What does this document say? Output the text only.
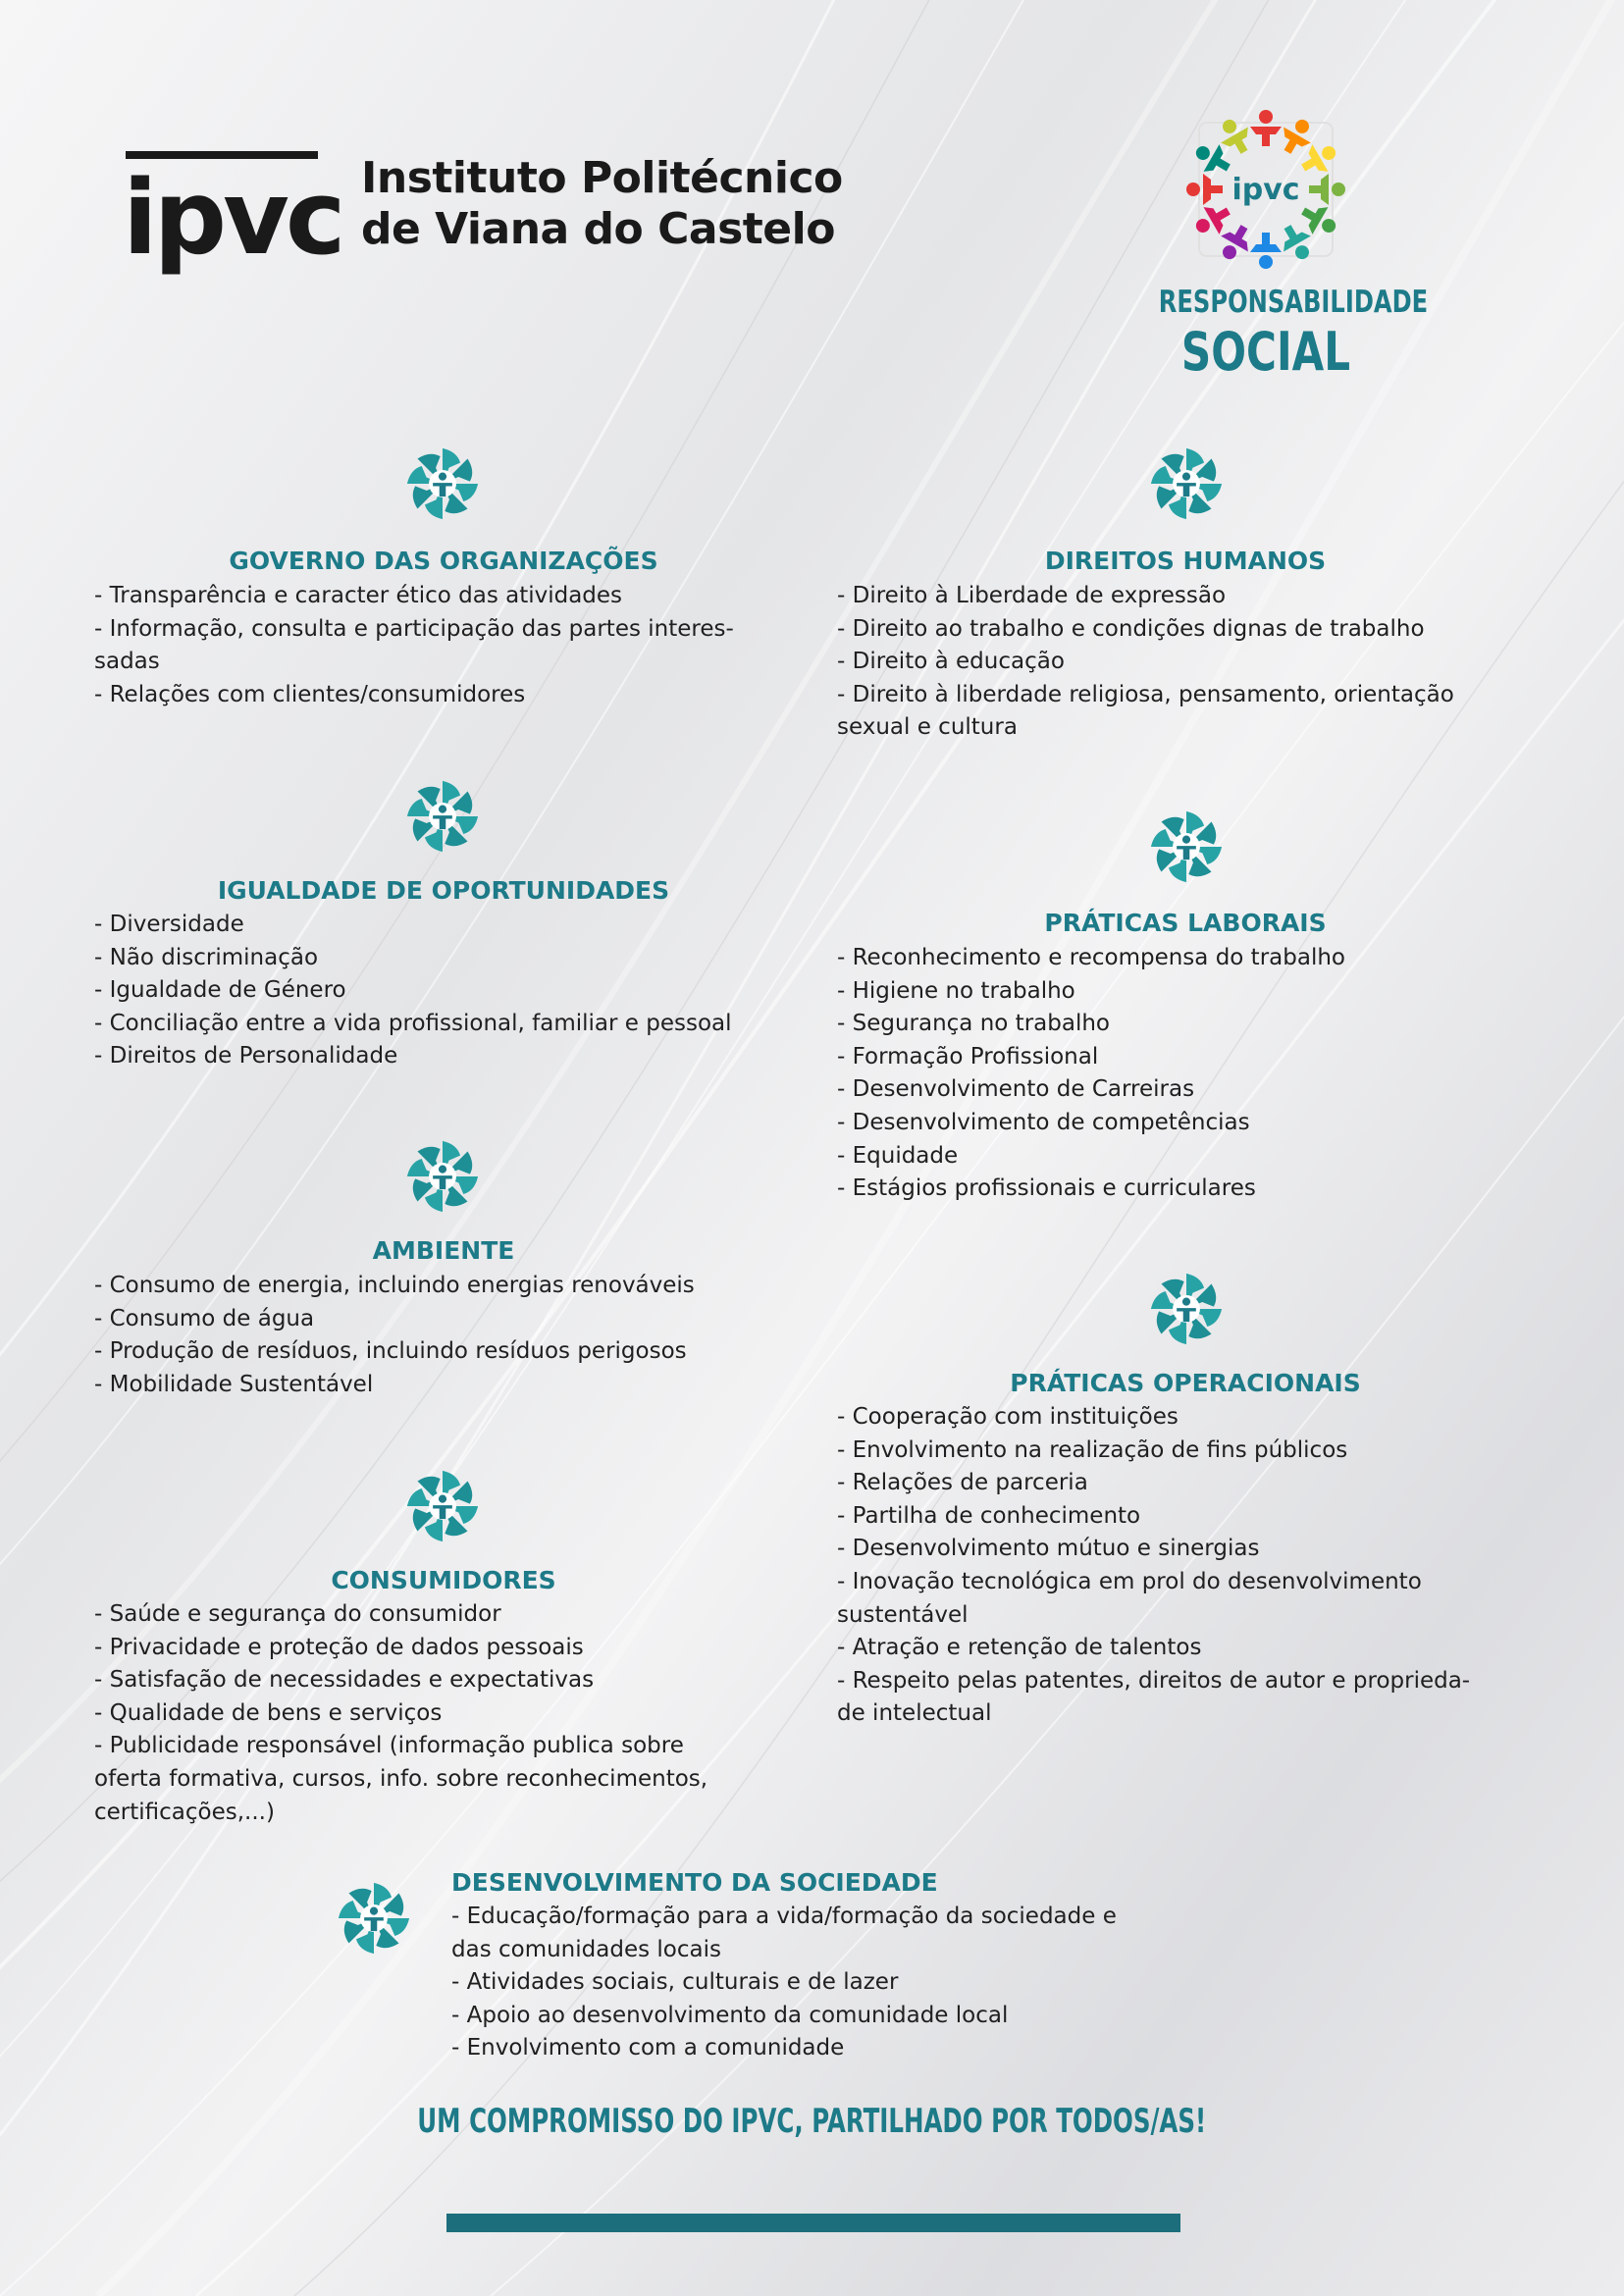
ipvc Instituto Politécnico
de Viana do Castelo
ipvc
RESPONSABILIDADE
SOCIAL
GOVERNO DAS ORGANIZAÇÕES
- Transparência e caracter ético das atividades
- Informação, consulta e participação das partes interes-
sadas
- Relações com clientes/consumidores
DIREITOS HUMANOS
- Direito à Liberdade de expressão
- Direito ao trabalho e condições dignas de trabalho
- Direito à educação
- Direito à liberdade religiosa, pensamento, orientação
sexual e cultura
IGUALDADE DE OPORTUNIDADES
- Diversidade
- Não discriminação
- Igualdade de Género
- Conciliação entre a vida profissional, familiar e pessoal
- Direitos de Personalidade
PRÁTICAS LABORAIS
- Reconhecimento e recompensa do trabalho
- Higiene no trabalho
- Segurança no trabalho
- Formação Profissional
- Desenvolvimento de Carreiras
- Desenvolvimento de competências
- Equidade
- Estágios profissionais e curriculares
AMBIENTE
- Consumo de energia, incluindo energias renováveis
- Consumo de água
- Produção de resíduos, incluindo resíduos perigosos
- Mobilidade Sustentável	PRÁTICAS OPERACIONAIS
- Cooperação com instituições
- Envolvimento na realização de fins públicos
- Relações de parceria
- Partilha de conhecimento
- Desenvolvimento mútuo e sinergias
- Inovação tecnológica em prol do desenvolvimento
sustentável
- Atração e retenção de talentos
- Respeito pelas patentes, direitos de autor e proprieda-
de intelectual
CONSUMIDORES
- Saúde e segurança do consumidor
- Privacidade e proteção de dados pessoais
- Satisfação de necessidades e expectativas
- Qualidade de bens e serviços
- Publicidade responsável (informação publica sobre
oferta formativa, cursos, info. sobre reconhecimentos,
certificações,...)
DESENVOLVIMENTO DA SOCIEDADE
- Educação/formação para a vida/formação da sociedade e
das comunidades locais
- Atividades sociais, culturais e de lazer
- Apoio ao desenvolvimento da comunidade local
- Envolvimento com a comunidade
UM COMPROMISSO DO IPVC, PARTILHADO POR TODOS/AS!
